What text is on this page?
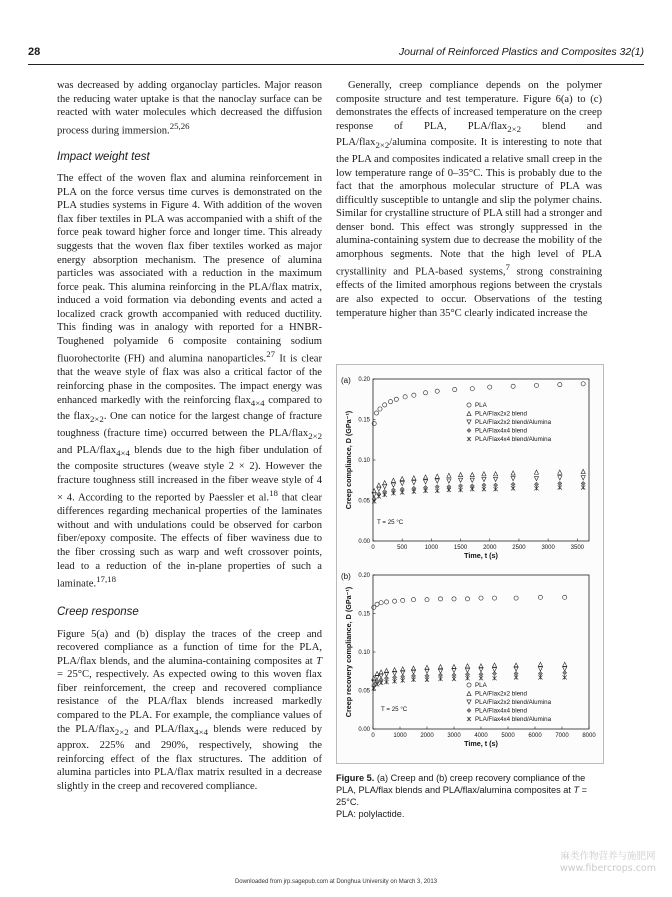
28	Journal of Reinforced Plastics and Composites 32(1)

was decreased by adding organoclay particles. Major reason the reducing water uptake is that the nanoclay surface can be reacted with water molecules which decreased the diffusion process during immersion.$^{25,26}$

Impact weight test

The effect of the woven flax and alumina reinforcement in PLA on the force versus time curves is demonstrated on the PLA studies systems in Figure 4. With addition of the woven flax fiber textiles in PLA was accompanied with a shift of the force peak toward higher force and longer time. This already suggests that the woven flax fiber textiles worked as major energy absorption mechanism. The presence of alumina particles was associated with a reduction in the maximum force peak. This alumina reinforcing in the PLA/flax matrix, induced a void formation via debonding events and acted a localized crack growth accompanied with reduced ductility. This finding was in analogy with reported for a HNBR-Toughened polyamide 6 composite containing sodium fluorohectorite (FH) and alumina nanoparticles.$^{27}$ It is clear that the weave style of flax was also a critical factor of the reinforcing phase in the composites. The impact energy was enhanced markedly with the reinforcing flax$_{4\times 4}$ compared to the flax$_{2\times 2}$. One can notice for the largest change of fracture toughness (fracture time) occurred between the PLA/flax$_{2\times 2}$ and PLA/flax$_{4\times 4}$ blends due to the high fiber undulation of the composite structures (weave style 2 × 2). However the fracture toughness still increased in the fiber weave style of 4 × 4. According to the reported by Paessler et al.$^{18}$ that clear differences regarding mechanical properties of the laminates without and with undulations could be observed for carbon fiber/epoxy composite. The effects of fiber waviness due to the fiber crossing such as warp and weft crossover points, lead to a reduction of the in-plane properties of such a laminate.$^{17,18}$

Creep response

Figure 5(a) and (b) display the traces of the creep and recovered compliance as a function of time for the PLA, PLA/flax blends, and the alumina-containing composites at T = 25°C, respectively. As expected owing to this woven flax fiber reinforcement, the creep and recovered compliance resistance of the PLA/flax blends increased markedly compared to the PLA. For example, the compliance values of the PLA/flax$_{2\times 2}$ and PLA/flax$_{4\times 4}$ blends were reduced by approx. 225% and 290%, respectively, showing the reinforcing effect of the flax structures. The addition of alumina particles into PLA/flax matrix resulted in a decrease slightly in the creep and recovered compliance.

Generally, creep compliance depends on the polymer composite structure and test temperature. Figure 6(a) to (c) demonstrates the effects of increased temperature on the creep response of PLA, PLA/flax$_{2\times 2}$ blend and PLA/flax$_{2\times 2}$/alumina composite. It is interesting to note that the PLA and composites indicated a relative small creep in the low temperature range of 0–35°C. This is probably due to the fact that the amorphous molecular structure of PLA was difficultly susceptible to untangle and slip the polymer chains. Similar for crystalline structure of PLA still had a stronger and denser bond. This effect was strongly suppressed in the alumina-containing system due to decrease the mobility of the amorphous segments. Note that the high level of PLA crystallinity and PLA-based systems,$^7$ strong constraining effects of the limited amorphous regions between the crystals are also expected to occur. Observations of the testing temperature higher than 35°C clearly indicated increase the

(a)
0	500	1000	1500	2000	2500	3000	3500
0.00
0.05
0.10
0.15
0.20
Time, t (s)
Creep compliance, D (GPa⁻¹)
T = 25 °C
PLA
PLA/Flax2x2 blend
PLA/Flax2x2 blend/Alumina
PLA/Flax4x4 blend
PLA/Flax4x4 blend/Alumina
(b)
0	1000 2000 3000 4000 5000 6000 7000 8000
0.00
0.05
0.10
0.15
0.20
Time, t (s)
Creep recovery compliance, D (GPa⁻¹)	T = 25 °C
PLA
PLA/Flax2x2 blend
PLA/Flax2x2 blend/Alumina
PLA/Flax4x4 blend
PLA/Flax4x4 blend/Alumina

Figure 5. (a) Creep and (b) creep recovery compliance of the PLA, PLA/flax blends and PLA/flax/alumina composites at T = 25°C.

PLA: polylactide.

Downloaded from jrp.sagepub.com at Donghua University on March 3, 2013
麻类作物营养与施肥网
www.fibercrops.com
